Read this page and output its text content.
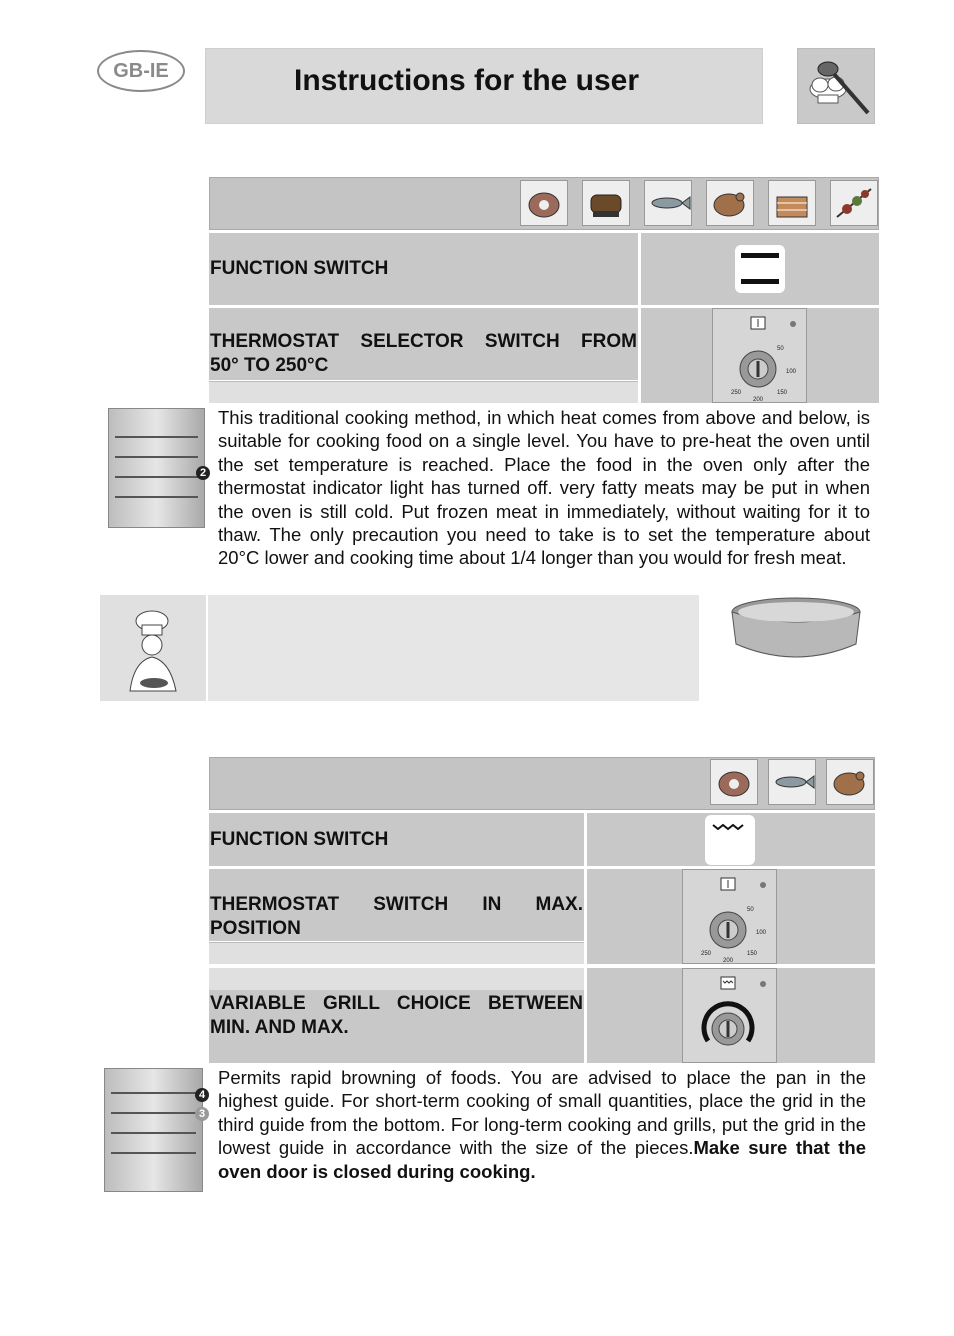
GB-IE	Instructions for the user
FUNCTION SWITCH
THERMOSTAT SELECTOR SWITCH FROM
50° TO 250°C
50
100
150
200
250
2
This traditional cooking method, in which heat comes from above and below, is suitable for cooking food on a single level. You have to pre-heat the oven until the set temperature is reached. Place the food in the oven only after the thermostat indicator light has turned off. very fatty meats may be put in when the oven is still cold. Put frozen meat in immediately, without waiting for it to thaw. The only precaution you need to take is to set the temperature about 20°C lower and cooking time about 1/4 longer than you would for fresh meat.
FUNCTION SWITCH
THERMOSTAT SWITCH IN MAX.
POSITION
50
100
150
200
250
VARIABLE GRILL CHOICE BETWEEN
MIN. AND MAX.
4
3
Permits rapid browning of foods. You are advised to place the pan in the highest guide. For short-term cooking of small quantities, place the grid in the third guide from the bottom. For long-term cooking and grills, put the grid in the lowest guide in accordance with the size of the pieces.Make sure that the oven door is closed during cooking.
